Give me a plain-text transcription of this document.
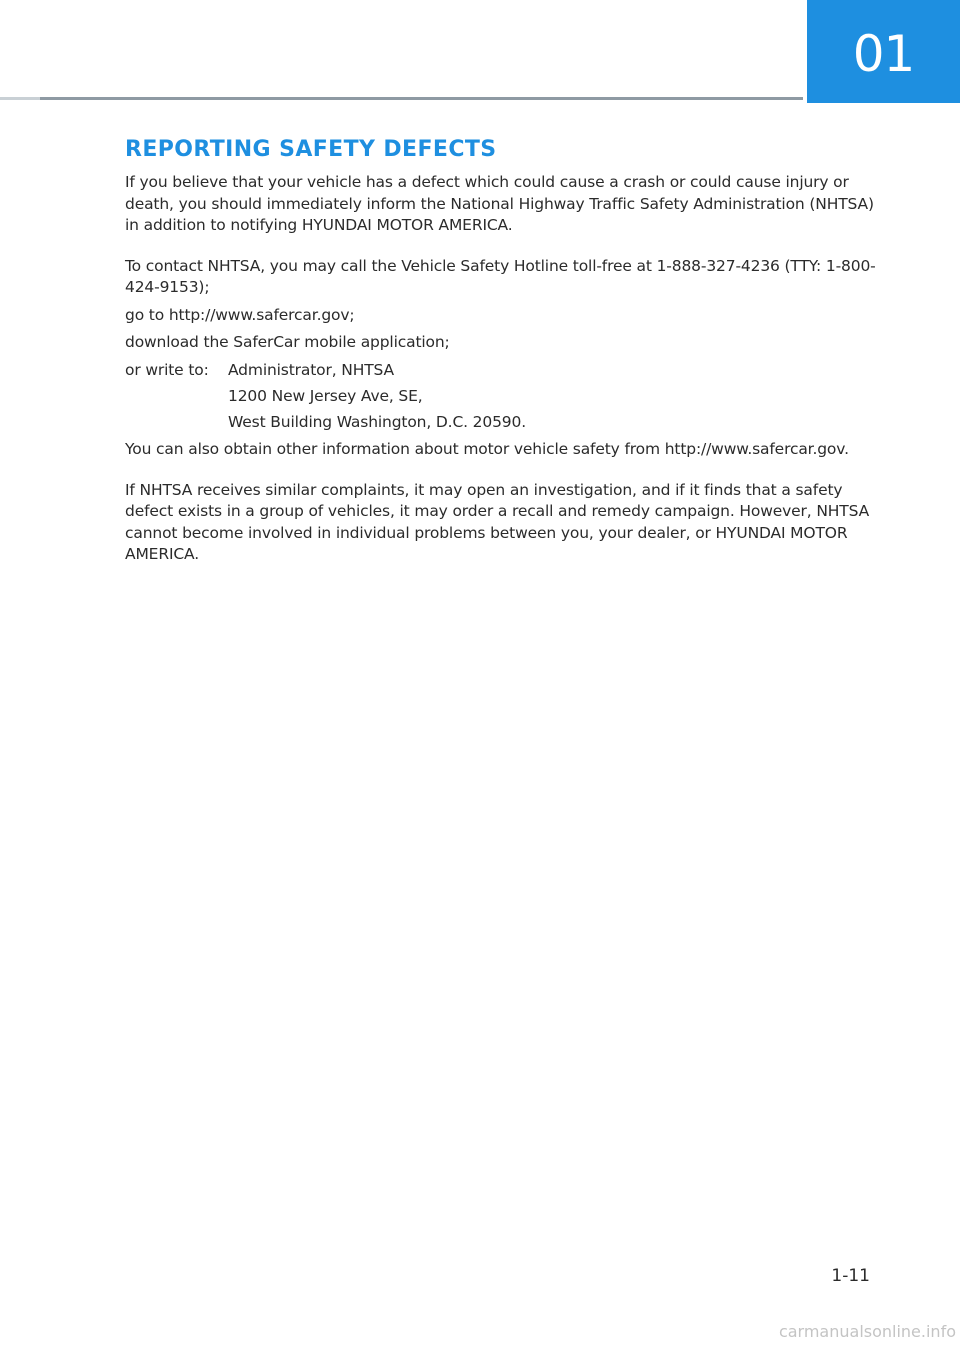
01
REPORTING SAFETY DEFECTS

If you believe that your vehicle has a defect which could cause a crash or could cause injury or death, you should immediately inform the National Highway Traffic Safety Administration (NHTSA) in addition to notifying HYUNDAI MOTOR AMERICA.

To contact NHTSA, you may call the Vehicle Safety Hotline toll-free at 1-888-327-4236 (TTY: 1-800-424-9153);

go to http://www.safercar.gov;

download the SaferCar mobile application;

or write to:	Administrator, NHTSA
1200 New Jersey Ave, SE,
West Building Washington, D.C. 20590.

You can also obtain other information about motor vehicle safety from http://www.safercar.gov.

If NHTSA receives similar complaints, it may open an investigation, and if it finds that a safety defect exists in a group of vehicles, it may order a recall and remedy campaign. However, NHTSA cannot become involved in individual problems between you, your dealer, or HYUNDAI MOTOR AMERICA.

1-11
carmanualsonline.info
